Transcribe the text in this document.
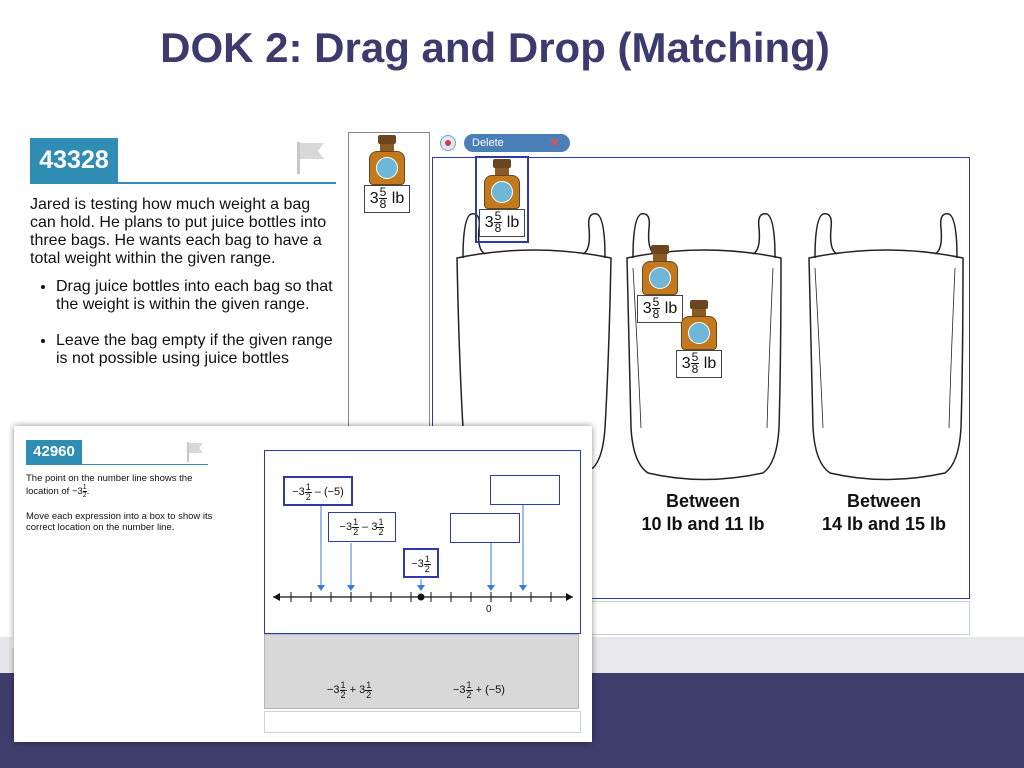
DOK 2: Drag and Drop (Matching)
43328

Jared is testing how much weight a bag can hold. He plans to put juice bottles into three bags. He wants each bag to have a total weight within the given range.

• Drag juice bottles into each bag so that the weight is within the given range.
• Leave the bag empty if the given range is not possible using juice bottles
Delete	✕
Between
10 lb and 11 lb
Between
14 lb and 15 lb
$3 \frac{5}{8}$ lb
$3 \frac{5}{8}$ lb
$3 \frac{5}{8}$ lb
$3 \frac{5}{8}$ lb
42960

The point on the number line shows the location of $-3 \frac{1}{2}$ .

Move each expression into a box to show its correct location on the number line.

$-3 \frac{1}{2} - (-5)$
$-3 \frac{1}{2} - 3 \frac{1}{2}$
$-3 \frac{1}{2}$
0
$-3 \frac{1}{2} + 3 \frac{1}{2}$	$-3 \frac{1}{2} + (-5)$
